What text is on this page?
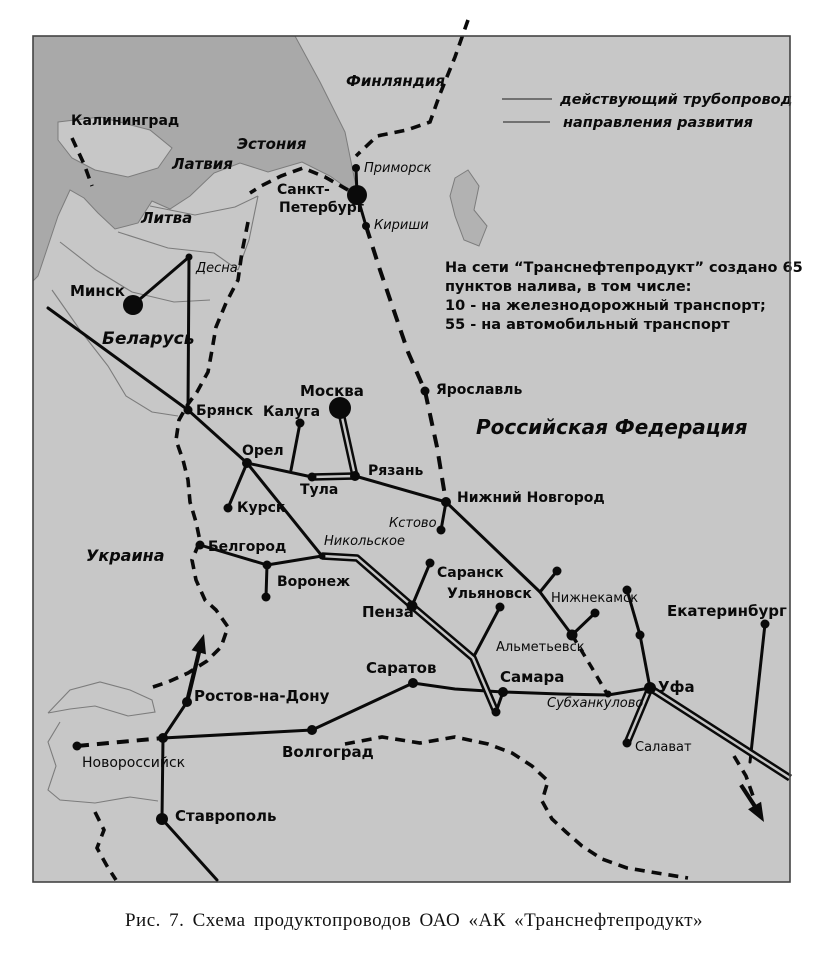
Калининград
Финляндия
Эстония
Латвия
Литва
Приморск
Санкт-
Петербург
Кириши
Минск
Десна
Беларусь
Москва	Ярославль
Российская Федерация
Брянск Калуга
Орел
Тула
Рязань
Нижний Новгород
Кстово
Курск
Украина	Белгород	Никольское
Воронеж
Саранск
Ульяновск Нижнекамск
Екатеринбург
Альметьевск
Пенза
Самара
Субханкулово
Уфа
Саратов
Волгоград
Ростов-на-Дону
Новороссийск
Ставрополь
Салават
действующий трубопровод
направления развития
На сети “Транснефтепродукт” создано 65
пунктов налива, в том числе:
10 - на железнодорожный транспорт;
55 - на автомобильный транспорт
Рис. 7. Схема продуктопроводов ОАО «АК «Транснефтепродукт»
